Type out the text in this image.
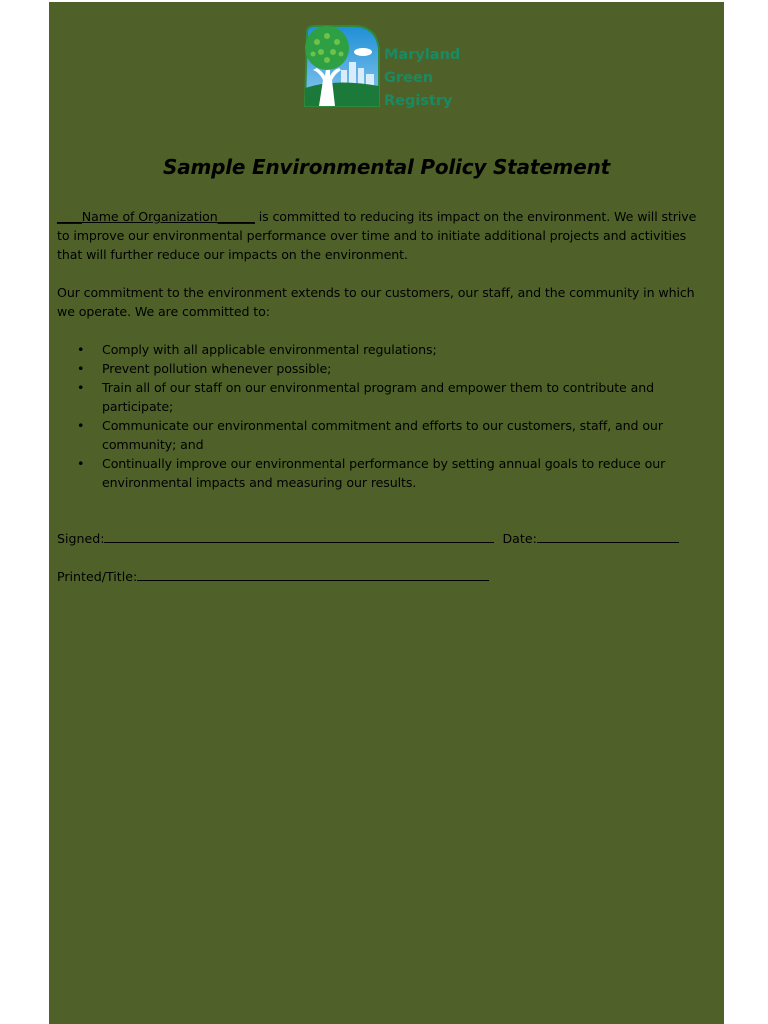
Maryland
Green
Registry
Sample Environmental Policy Statement
____Name of Organization______ is committed to reducing its impact on the environment. We will strive to improve our environmental performance over time and to initiate additional projects and activities that will further reduce our impacts on the environment.
Our commitment to the environment extends to our customers, our staff, and the community in which we operate. We are committed to:
• Comply with all applicable environmental regulations;
• Prevent pollution whenever possible;
• Train all of our staff on our environmental program and empower them to contribute and participate;
• Communicate our environmental commitment and efforts to our customers, staff, and our community; and
• Continually improve our environmental performance by setting annual goals to reduce our environmental impacts and measuring our results.
Signed:	Date:
Printed/Title:
